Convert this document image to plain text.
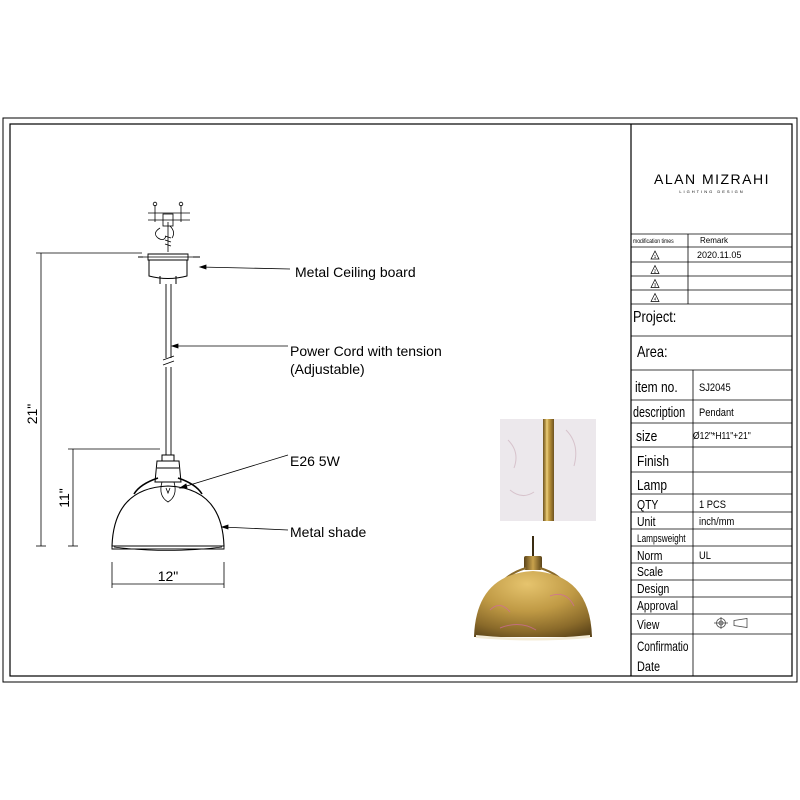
ALAN MIZRAHI
LIGHTING DESIGN
modification times	Remark
1	2020.11.05
2
3
4
Project:
Area:
item no. SJ2045
description Pendant
size	Ø12"*H11"+21"
Finish
Lamp
QTY	1 PCS
Unit	inch/mm
Lampsweight
Norm	UL
Scale
Design
Approval
View
Confirmatio
Date
Metal Ceiling board
Power Cord with tension
(Adjustable)
E26 5W
Metal shade
21"
11"
12"
